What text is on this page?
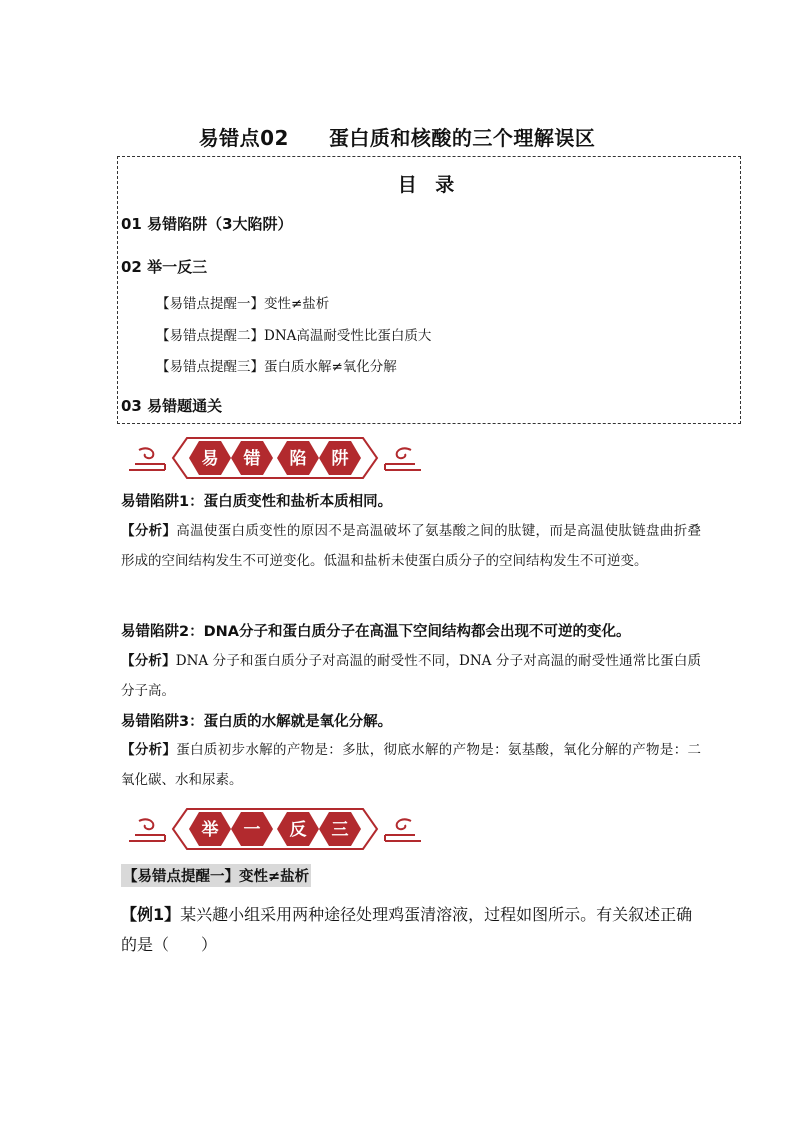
易错点02 蛋白质和核酸的三个理解误区
目 录
01 易错陷阱（3大陷阱）
02 举一反三
【易错点提醒一】变性≠盐析
【易错点提醒二】DNA高温耐受性比蛋白质大
【易错点提醒三】蛋白质水解≠氧化分解
03 易错题通关
易 错 陷 阱
易错陷阱1：蛋白质变性和盐析本质相同。
【分析】高温使蛋白质变性的原因不是高温破坏了氨基酸之间的肽键，而是高温使肽链盘曲折叠形成的空间结构发生不可逆变化。低温和盐析未使蛋白质分子的空间结构发生不可逆变。
易错陷阱2：DNA分子和蛋白质分子在高温下空间结构都会出现不可逆的变化。
【分析】DNA 分子和蛋白质分子对高温的耐受性不同，DNA 分子对高温的耐受性通常比蛋白质分子高。
易错陷阱3：蛋白质的水解就是氧化分解。
【分析】蛋白质初步水解的产物是：多肽，彻底水解的产物是：氨基酸，氧化分解的产物是：二氧化碳、水和尿素。
举 一 反 三
【易错点提醒一】变性≠盐析
【例1】某兴趣小组采用两种途径处理鸡蛋清溶液，过程如图所示。有关叙述正确的是（　　）
